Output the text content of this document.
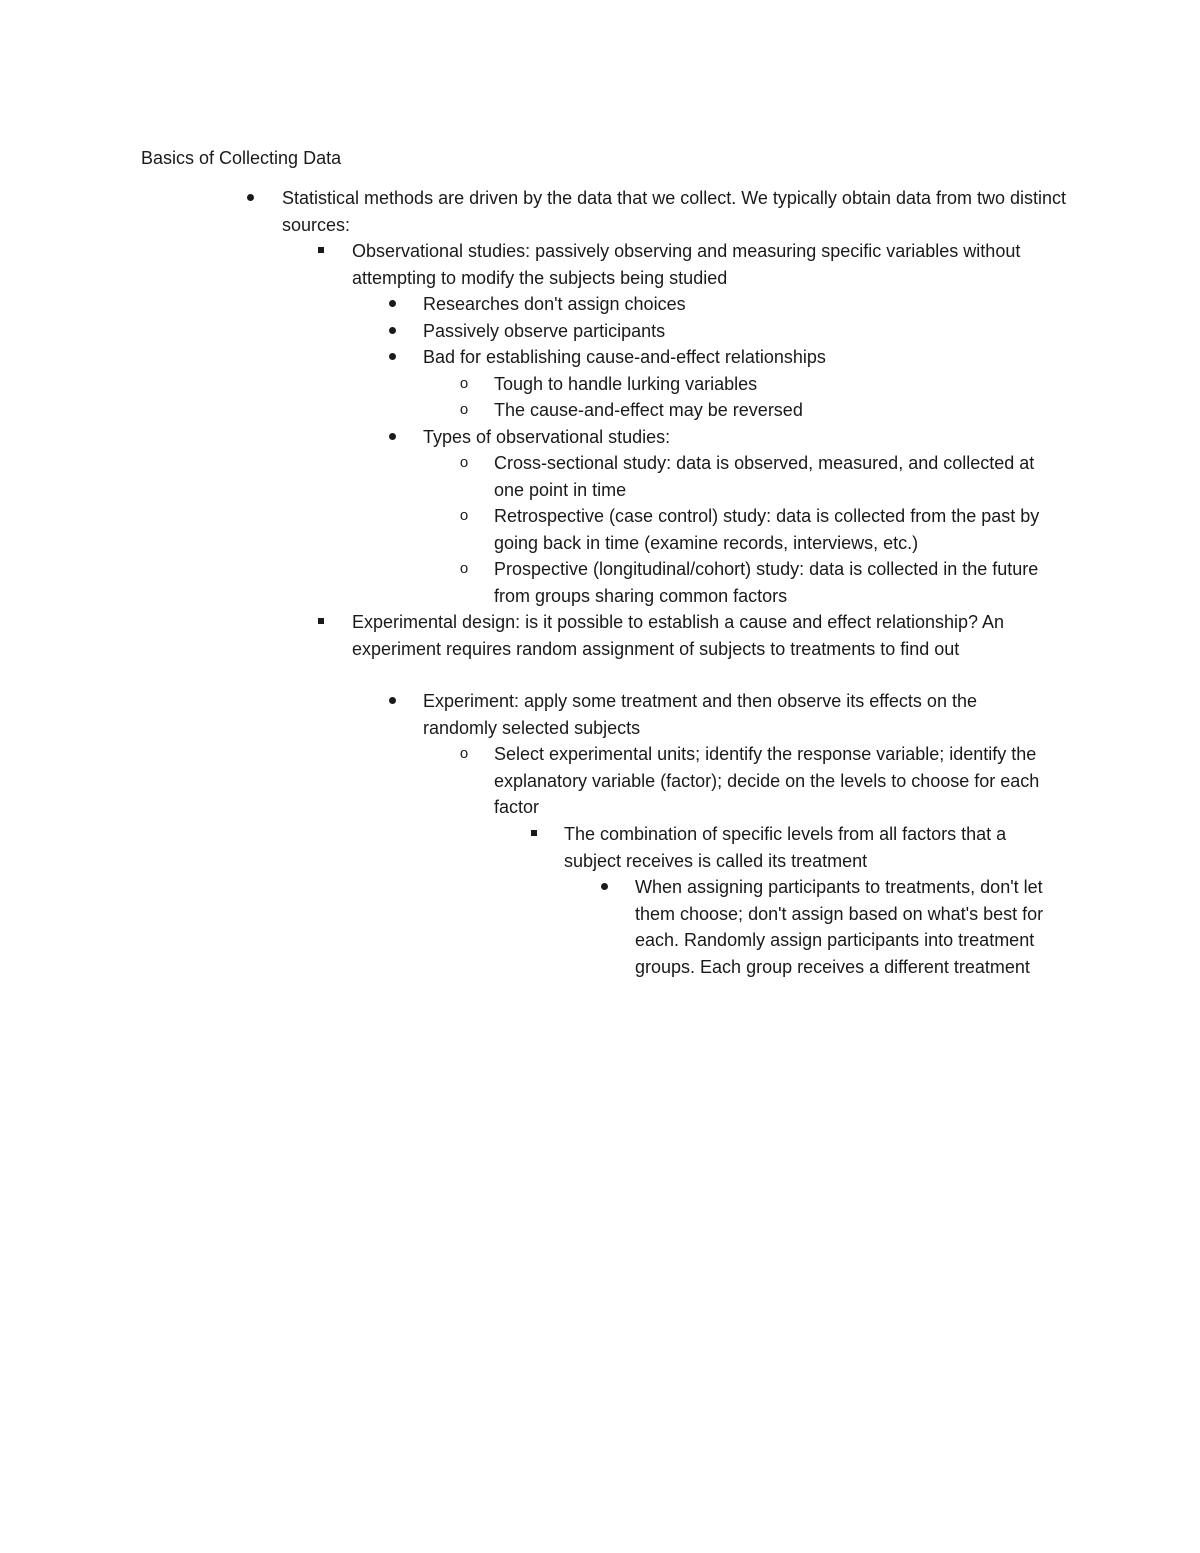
Basics of Collecting Data

Statistical methods are driven by the data that we collect. We typically obtain data from two distinct sources:

Observational studies: passively observing and measuring specific variables without attempting to modify the subjects being studied

Researches don't assign choices

Passively observe participants

Bad for establishing cause-and-effect relationships

o Tough to handle lurking variables

o The cause-and-effect may be reversed

Types of observational studies:

o Cross-sectional study: data is observed, measured, and collected at one point in time

o Retrospective (case control) study: data is collected from the past by going back in time (examine records, interviews, etc.)

o Prospective (longitudinal/cohort) study: data is collected in the future from groups sharing common factors

Experimental design: is it possible to establish a cause and effect relationship? An experiment requires random assignment of subjects to treatments to find out

Experiment: apply some treatment and then observe its effects on the randomly selected subjects

o Select experimental units; identify the response variable; identify the explanatory variable (factor); decide on the levels to choose for each factor

The combination of specific levels from all factors that a subject receives is called its treatment

When assigning participants to treatments, don't let them choose; don't assign based on what's best for each. Randomly assign participants into treatment groups. Each group receives a different treatment
